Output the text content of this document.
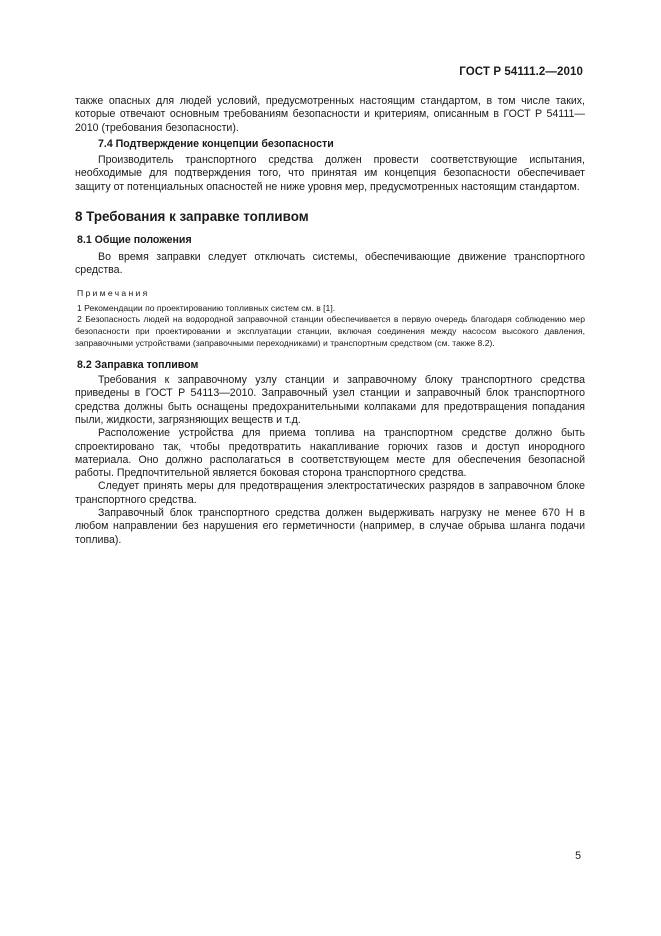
ГОСТ Р 54111.2—2010

также опасных для людей условий, предусмотренных настоящим стандартом, в том числе таких, которые отвечают основным требованиям безопасности и критериям, описанным в ГОСТ Р 54111—2010 (требования безопасности).

7.4 Подтверждение концепции безопасности

Производитель транспортного средства должен провести соответствующие испытания, необходимые для подтверждения того, что принятая им концепция безопасности обеспечивает защиту от потенциальных опасностей не ниже уровня мер, предусмотренных настоящим стандартом.

8 Требования к заправке топливом
8.1 Общие положения

Во время заправки следует отключать системы, обеспечивающие движение транспортного средства.

Примечания

1 Рекомендации по проектированию топливных систем см. в [1].

2 Безопасность людей на водородной заправочной станции обеспечивается в первую очередь благодаря соблюдению мер безопасности при проектировании и эксплуатации станции, включая соединения между насосом высокого давления, заправочными устройствами (заправочными переходниками) и транспортным средством (см. также 8.2).

8.2 Заправка топливом

Требования к заправочному узлу станции и заправочному блоку транспортного средства приведены в ГОСТ Р 54113—2010. Заправочный узел станции и заправочный блок транспортного средства должны быть оснащены предохранительными колпаками для предотвращения попадания пыли, жидкости, загрязняющих веществ и т.д.

Расположение устройства для приема топлива на транспортном средстве должно быть спроектировано так, чтобы предотвратить накапливание горючих газов и доступ инородного материала. Оно должно располагаться в соответствующем месте для обеспечения безопасной работы. Предпочтительной является боковая сторона транспортного средства.

Следует принять меры для предотвращения электростатических разрядов в заправочном блоке транспортного средства.

Заправочный блок транспортного средства должен выдерживать нагрузку не менее 670 Н в любом направлении без нарушения его герметичности (например, в случае обрыва шланга подачи топлива).

5
